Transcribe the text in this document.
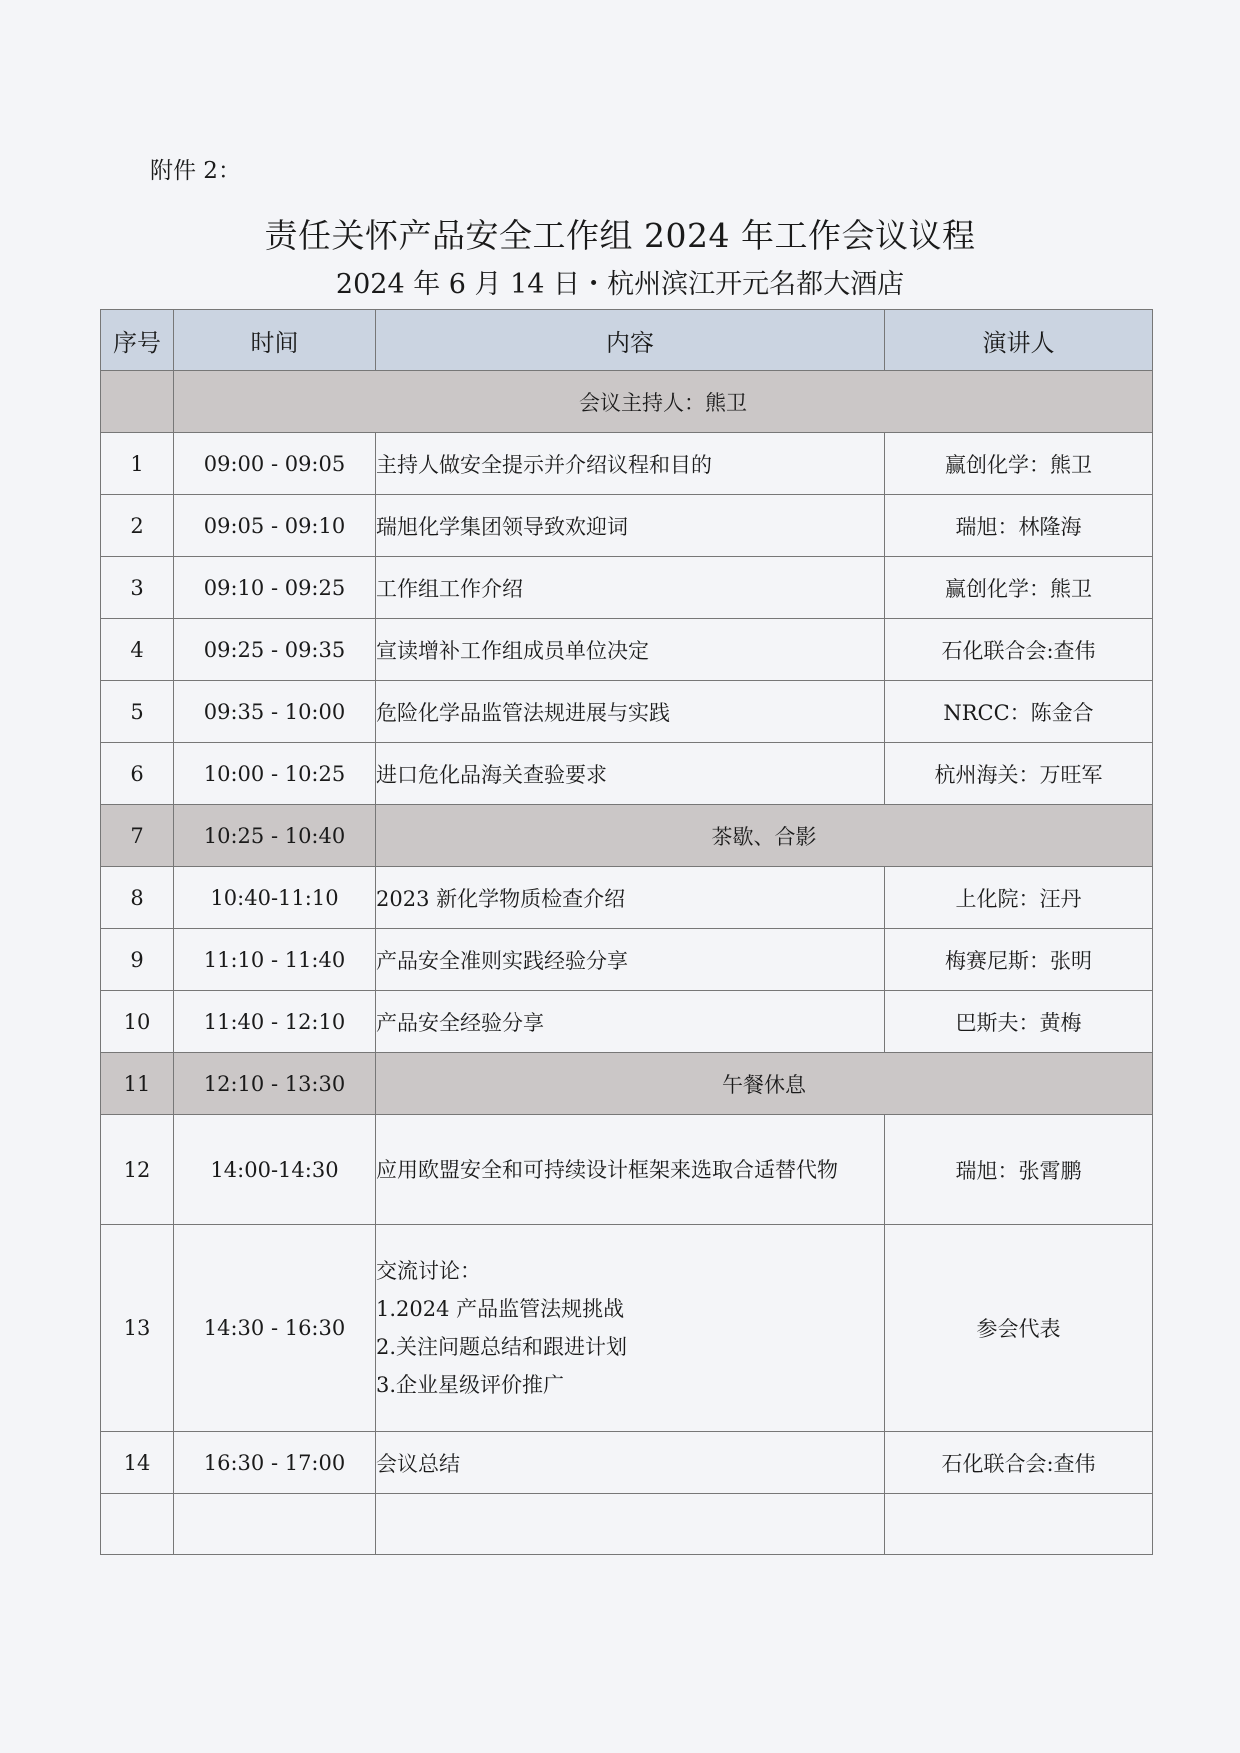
附件 2：
责任关怀产品安全工作组 2024 年工作会议议程
2024 年 6 月 14 日・杭州滨江开元名都大酒店
序号	时间	内容	演讲人
	会议主持人：熊卫		
1	09:00 - 09:05	主持人做安全提示并介绍议程和目的	赢创化学：熊卫
2	09:05 - 09:10	瑞旭化学集团领导致欢迎词	瑞旭：林隆海
3	09:10 - 09:25	工作组工作介绍	赢创化学：熊卫
4	09:25 - 09:35	宣读增补工作组成员单位决定	石化联合会:查伟
5	09:35 - 10:00	危险化学品监管法规进展与实践	NRCC：陈金合
6	10:00 - 10:25	进口危化品海关查验要求	杭州海关：万旺军
7	10:25 - 10:40	茶歇、合影	
8	10:40-11:10	2023 新化学物质检查介绍	上化院：汪丹
9	11:10 - 11:40	产品安全准则实践经验分享	梅赛尼斯：张明
10	11:40 - 12:10	产品安全经验分享	巴斯夫：黄梅
11	12:10 - 13:30	午餐休息	
12	14:00-14:30	应用欧盟安全和可持续设计框架来选取合适替代物	瑞旭：张霄鹏
13	14:30 - 16:30	交流讨论：
1.2024 产品监管法规挑战
2.关注问题总结和跟进计划
3.企业星级评价推广	参会代表
14	16:30 - 17:00	会议总结	石化联合会:查伟
